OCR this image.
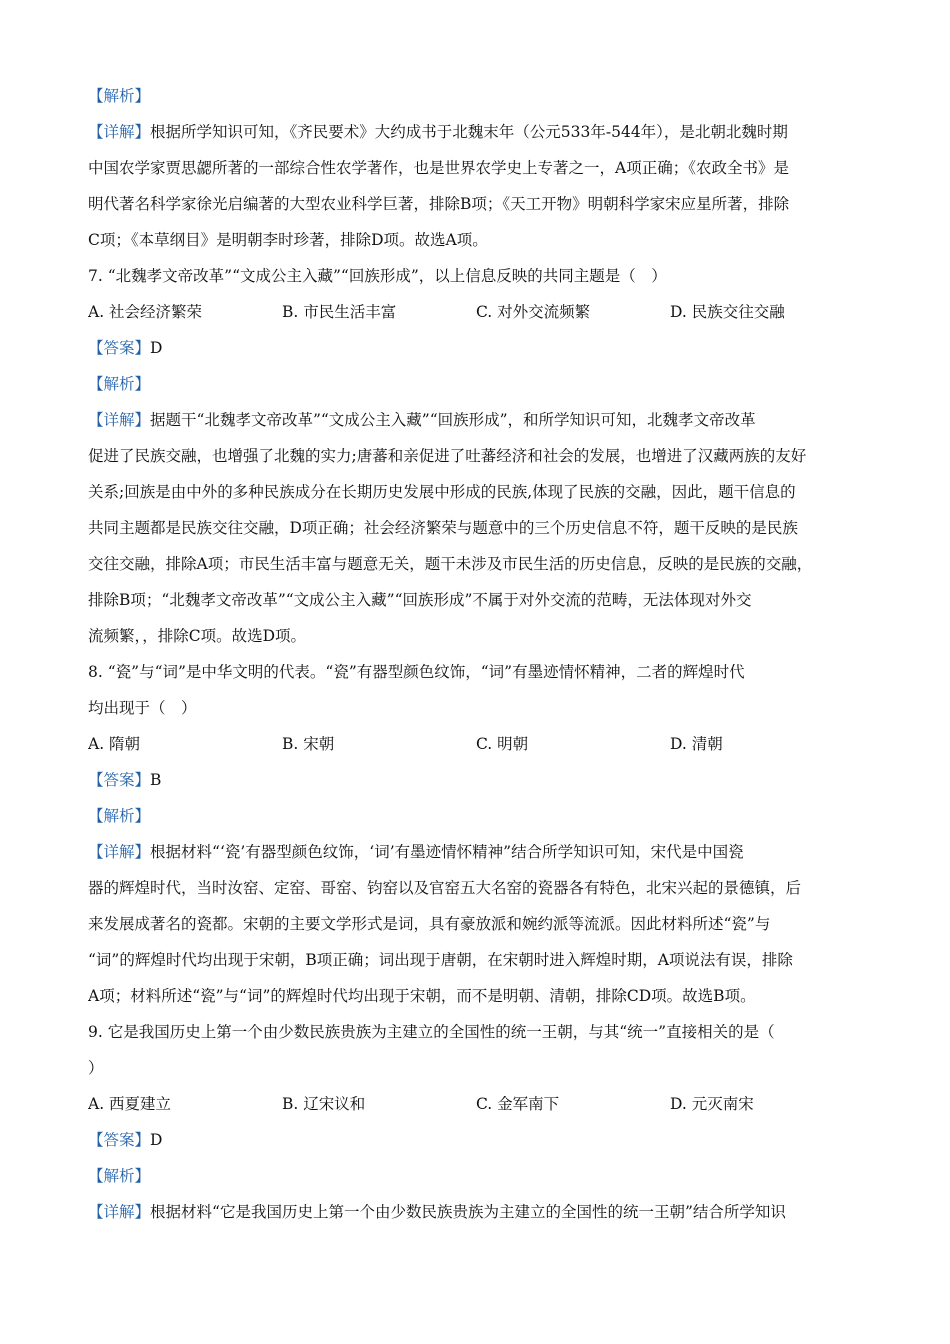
【解析】
【详解】根据所学知识可知，《齐民要术》大约成书于北魏末年（公元533年-544年），是北朝北魏时期
中国农学家贾思勰所著的一部综合性农学著作，也是世界农学史上专著之一，A项正确；《农政全书》是
明代著名科学家徐光启编著的大型农业科学巨著，排除B项；《天工开物》明朝科学家宋应星所著，排除
C项；《本草纲目》是明朝李时珍著，排除D项。故选A项。
7. “北魏孝文帝改革”“文成公主入藏”“回族形成”，以上信息反映的共同主题是（　）
A. 社会经济繁荣	B. 市民生活丰富	C. 对外交流频繁	D. 民族交往交融
【答案】D
【解析】
【详解】据题干“北魏孝文帝改革”“文成公主入藏”“回族形成”，和所学知识可知，北魏孝文帝改革
促进了民族交融，也增强了北魏的实力;唐蕃和亲促进了吐蕃经济和社会的发展，也增进了汉藏两族的友好
关系;回族是由中外的多种民族成分在长期历史发展中形成的民族,体现了民族的交融，因此，题干信息的
共同主题都是民族交往交融，D项正确；社会经济繁荣与题意中的三个历史信息不符，题干反映的是民族
交往交融，排除A项；市民生活丰富与题意无关，题干未涉及市民生活的历史信息，反映的是民族的交融，
排除B项；“北魏孝文帝改革”“文成公主入藏”“回族形成”不属于对外交流的范畴，无法体现对外交
流频繁，，排除C项。故选D项。
8. “瓷”与“词”是中华文明的代表。“瓷”有器型颜色纹饰，“词”有墨迹情怀精神，二者的辉煌时代
均出现于（　）
A. 隋朝	B. 宋朝	C. 明朝	D. 清朝
【答案】B
【解析】
【详解】根据材料“‘瓷’有器型颜色纹饰，‘词’有墨迹情怀精神”结合所学知识可知，宋代是中国瓷
器的辉煌时代，当时汝窑、定窑、哥窑、钧窑以及官窑五大名窑的瓷器各有特色，北宋兴起的景德镇，后
来发展成著名的瓷都。宋朝的主要文学形式是词，具有豪放派和婉约派等流派。因此材料所述“瓷”与
“词”的辉煌时代均出现于宋朝，B项正确；词出现于唐朝，在宋朝时进入辉煌时期，A项说法有误，排除
A项；材料所述“瓷”与“词”的辉煌时代均出现于宋朝，而不是明朝、清朝，排除CD项。故选B项。
9. 它是我国历史上第一个由少数民族贵族为主建立的全国性的统一王朝，与其“统一”直接相关的是（
）
A. 西夏建立	B. 辽宋议和	C. 金军南下	D. 元灭南宋
【答案】D
【解析】
【详解】根据材料“它是我国历史上第一个由少数民族贵族为主建立的全国性的统一王朝”结合所学知识
